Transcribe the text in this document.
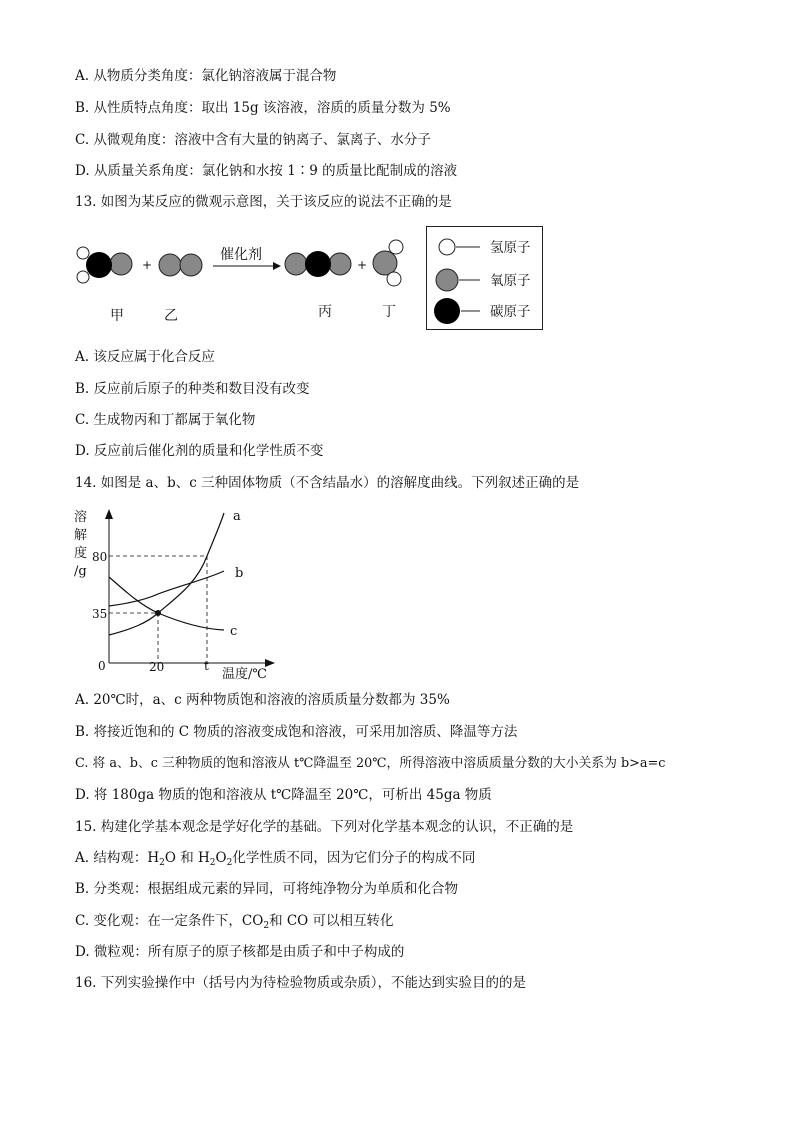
A. 从物质分类角度：氯化钠溶液属于混合物
B. 从性质特点角度：取出 15g 该溶液，溶质的质量分数为 5%
C. 从微观角度：溶液中含有大量的钠离子、氯离子、水分子
D. 从质量关系角度：氯化钠和水按 1∶9 的质量比配制成的溶液
13. 如图为某反应的微观示意图，关于该反应的说法不正确的是
+
催化剂
+
甲	乙	丙	丁
氢原子
氧原子
碳原子
A. 该反应属于化合反应
B. 反应前后原子的种类和数目没有改变
C. 生成物丙和丁都属于氧化物
D. 反应前后催化剂的质量和化学性质不变
14. 如图是 a、b、c 三种固体物质（不含结晶水）的溶解度曲线。下列叙述正确的是
溶
解
度
/g
80
35
0	20	t
温度/℃
a
b
c
A. 20℃时，a、c 两种物质饱和溶液的溶质质量分数都为 35%
B. 将接近饱和的 C 物质的溶液变成饱和溶液，可采用加溶质、降温等方法
C. 将 a、b、c 三种物质的饱和溶液从 t℃降温至 20℃，所得溶液中溶质质量分数的大小关系为 b>a=c
D. 将 180ga 物质的饱和溶液从 t℃降温至 20℃，可析出 45ga 物质
15. 构建化学基本观念是学好化学的基础。下列对化学基本观念的认识，不正确的是
A. 结构观：$H_2O$ 和 $H_2O_2$化学性质不同，因为它们分子的构成不同
B. 分类观：根据组成元素的异同，可将纯净物分为单质和化合物
C. 变化观：在一定条件下，$CO_2$和 CO 可以相互转化
D. 微粒观：所有原子的原子核都是由质子和中子构成的
16. 下列实验操作中（括号内为待检验物质或杂质），不能达到实验目的的是
